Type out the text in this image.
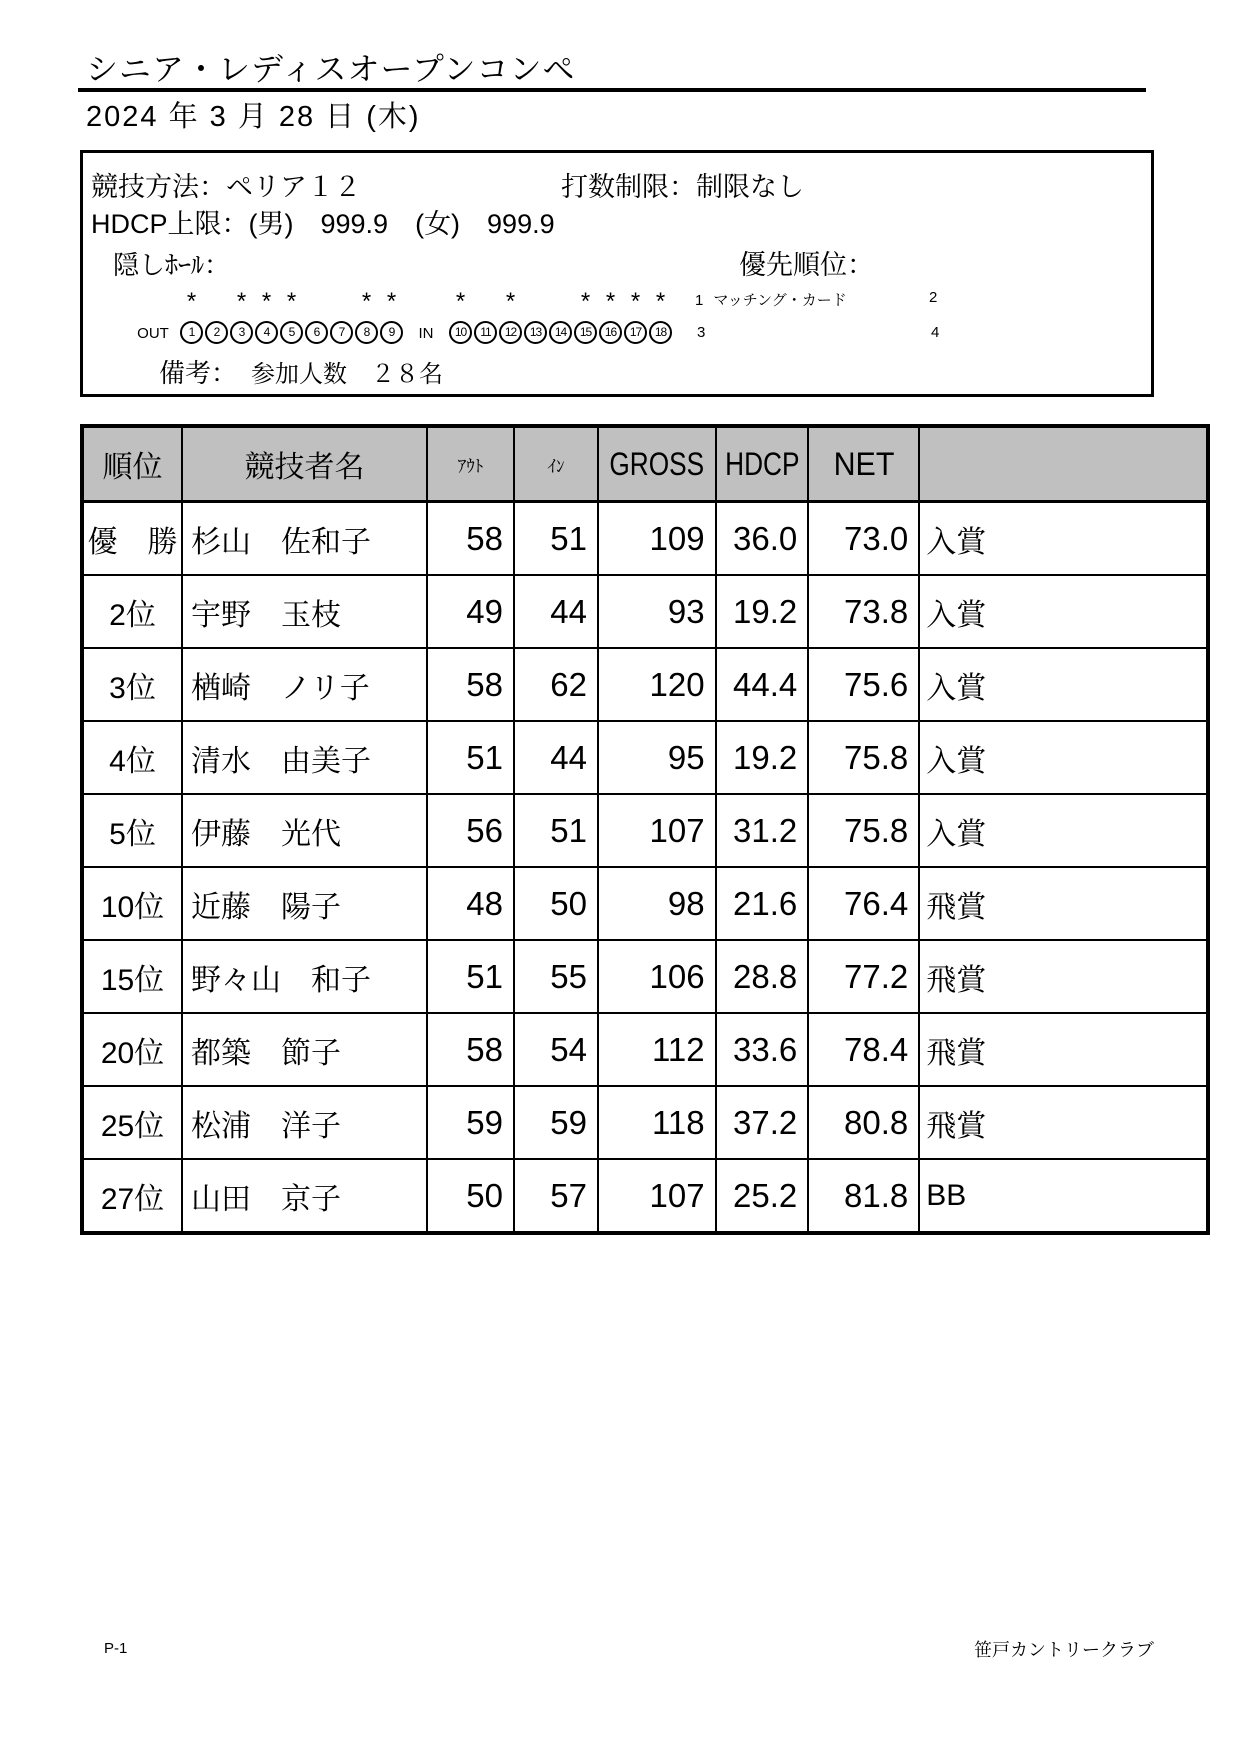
シニア・レディスオープンコンペ
2024 年 3 月 28 日 (木)
競技方法：ペリア１２	打数制限：制限なし
HDCP上限：(男)　999.9　(女)　999.9
隠しﾎｰﾙ：	優先順位：
OUT
*
1	2
*
3
*
4
*
5	6	7
*
8
*
9	IN
*
10	11
*
12	13	14
*
15
*
16
*
17
*
18
1 マッチング・カード	2
3	4
備考： 参加人数　２８名
順位	競技者名	ｱｳﾄ	ｲﾝ	GROSS	HDCP	NET	
優　勝	杉山　佐和子	58	51	109	36.0	73.0	入賞
2位	宇野　玉枝	49	44	93	19.2	73.8	入賞
3位	楢崎　ノリ子	58	62	120	44.4	75.6	入賞
4位	清水　由美子	51	44	95	19.2	75.8	入賞
5位	伊藤　光代	56	51	107	31.2	75.8	入賞
10位	近藤　陽子	48	50	98	21.6	76.4	飛賞
15位	野々山　和子	51	55	106	28.8	77.2	飛賞
20位	都築　節子	58	54	112	33.6	78.4	飛賞
25位	松浦　洋子	59	59	118	37.2	80.8	飛賞
27位	山田　京子	50	57	107	25.2	81.8	BB
P-1	笹戸カントリークラブ
